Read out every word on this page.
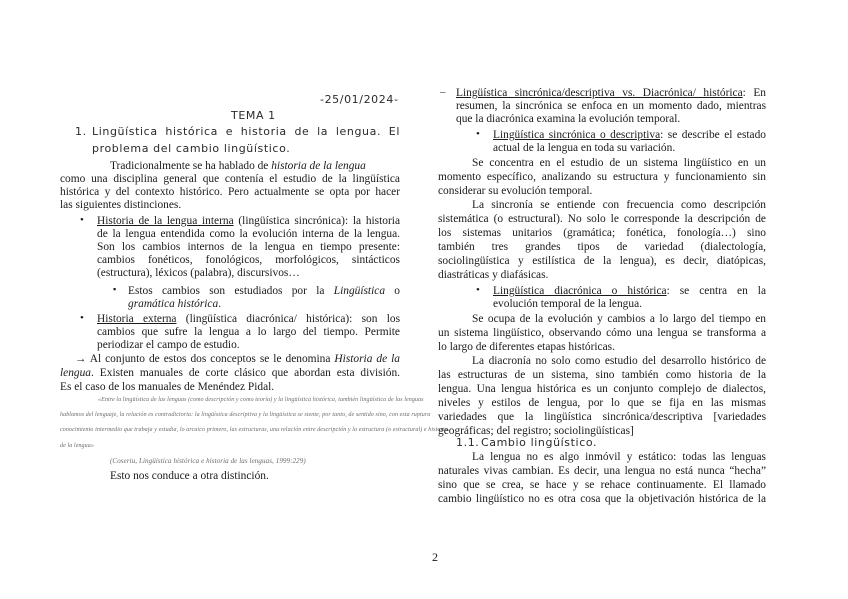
-25/01/2024-
TEMA 1
1. Lingüística histórica e historia de la lengua. El
problema del cambio lingüístico.
Tradicionalmente se ha hablado de historia de la lengua
como una disciplina general que contenía el estudio de la lingüística
histórica y del contexto histórico. Pero actualmente se opta por hacer
las siguientes distinciones.
• Historia de la lengua interna (lingüística sincrónica): la historia
de la lengua entendida como la evolución interna de la lengua.
Son los cambios internos de la lengua en tiempo presente:
cambios fonéticos, fonológicos, morfológicos, sintácticos
(estructura), léxicos (palabra), discursivos…
▪ Estos cambios son estudiados por la Lingüística o
gramática histórica.
• Historia externa (lingüística diacrónica/ histórica): son los
cambios que sufre la lengua a lo largo del tiempo. Permite
periodizar el campo de estudio.
→ Al conjunto de estos dos conceptos se le denomina Historia de la
lengua. Existen manuales de corte clásico que abordan esta división.
Es el caso de los manuales de Menéndez Pidal.
«Entre la lingüística de las lenguas (como descripción y como teoría) y la lingüística histórica, también lingüística de las lenguas
hablamos del lenguaje, la relación es contradictoria: la lingüística descriptiva y la lingüística se siente, por tanto, de sentido sino, con esta ruptura
conocimiento intermedio que trabaja y estudia, lo arcaico primero, las estructuras, una relación entre descripción y la estructura (o estructural) e historia
de la lengua»
(Coseriu, Lingüística histórica e historia de las lenguas, 1999:229)
Esto nos conduce a otra distinción.
– Lingüística sincrónica/descriptiva vs. Diacrónica/ histórica: En
resumen, la sincrónica se enfoca en un momento dado, mientras
que la diacrónica examina la evolución temporal.
• Lingüística sincrónica o descriptiva: se describe el estado
actual de la lengua en toda su variación.
Se concentra en el estudio de un sistema lingüístico en un
momento específico, analizando su estructura y funcionamiento sin
considerar su evolución temporal.
La sincronía se entiende con frecuencia como descripción
sistemática (o estructural). No solo le corresponde la descripción de
los sistemas unitarios (gramática; fonética, fonología…) sino
también tres grandes tipos de variedad (dialectología,
sociolingüística y estilística de la lengua), es decir, diatópicas,
diastráticas y diafásicas.
• Lingüística diacrónica o histórica: se centra en la
evolución temporal de la lengua.
Se ocupa de la evolución y cambios a lo largo del tiempo en
un sistema lingüístico, observando cómo una lengua se transforma a
lo largo de diferentes etapas históricas.
La diacronía no solo como estudio del desarrollo histórico de
las estructuras de un sistema, sino también como historia de la
lengua. Una lengua histórica es un conjunto complejo de dialectos,
niveles y estilos de lengua, por lo que se fija en las mismas
variedades que la lingüística sincrónica/descriptiva [variedades
geográficas; del registro; sociolingüísticas]
1.1. Cambio lingüístico.
La lengua no es algo inmóvil y estático: todas las lenguas
naturales vivas cambian. Es decir, una lengua no está nunca “hecha”
sino que se crea, se hace y se rehace continuamente. El llamado
cambio lingüístico no es otra cosa que la objetivación histórica de la
2
